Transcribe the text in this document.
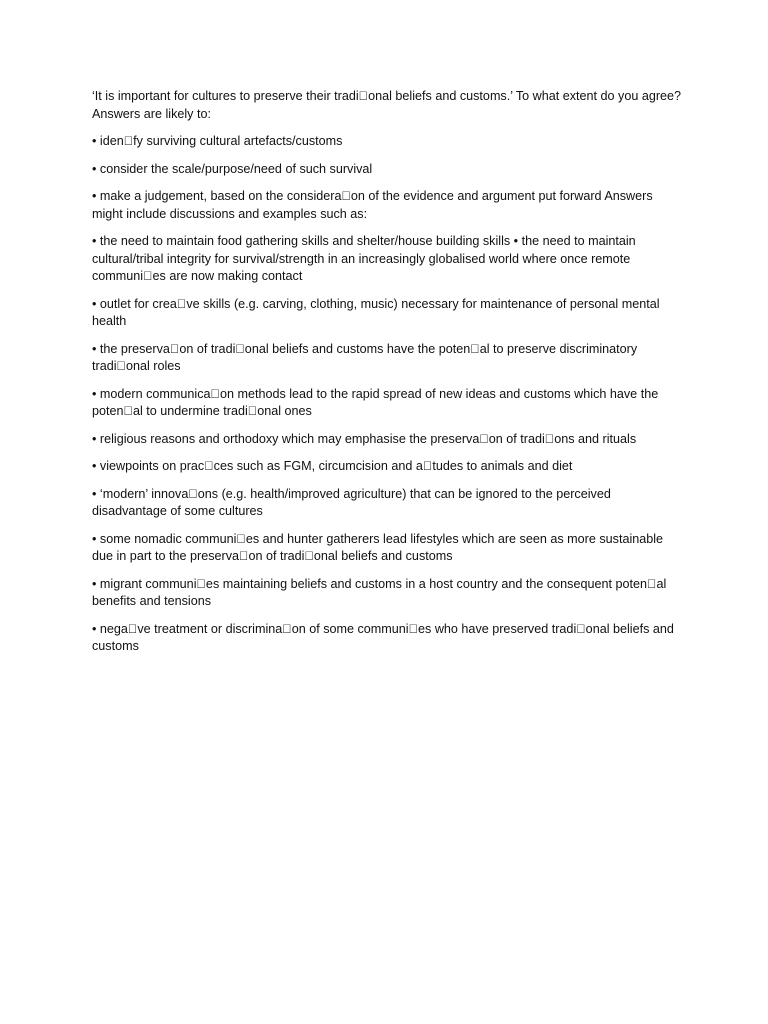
‘It is important for cultures to preserve their tradi􀆟onal beliefs and customs.’ To what extent do you agree? Answers are likely to:

• iden􀆟fy surviving cultural artefacts/customs

• consider the scale/purpose/need of such survival

• make a judgement, based on the considera􀆟on of the evidence and argument put forward Answers might include discussions and examples such as:

• the need to maintain food gathering skills and shelter/house building skills • the need to maintain cultural/tribal integrity for survival/strength in an increasingly globalised world where once remote communi􀆟es are now making contact

• outlet for crea􀆟ve skills (e.g. carving, clothing, music) necessary for maintenance of personal mental health

• the preserva􀆟on of tradi􀆟onal beliefs and customs have the poten􀆟al to preserve discriminatory tradi􀆟onal roles

• modern communica􀆟on methods lead to the rapid spread of new ideas and customs which have the poten􀆟al to undermine tradi􀆟onal ones

• religious reasons and orthodoxy which may emphasise the preserva􀆟on of tradi􀆟ons and rituals

• viewpoints on prac􀆟ces such as FGM, circumcision and a􀆫tudes to animals and diet

• ‘modern’ innova􀆟ons (e.g. health/improved agriculture) that can be ignored to the perceived disadvantage of some cultures

• some nomadic communi􀆟es and hunter gatherers lead lifestyles which are seen as more sustainable due in part to the preserva􀆟on of tradi􀆟onal beliefs and customs

• migrant communi􀆟es maintaining beliefs and customs in a host country and the consequent poten􀆟al benefits and tensions

• nega􀆟ve treatment or discrimina􀆟on of some communi􀆟es who have preserved tradi􀆟onal beliefs and customs
